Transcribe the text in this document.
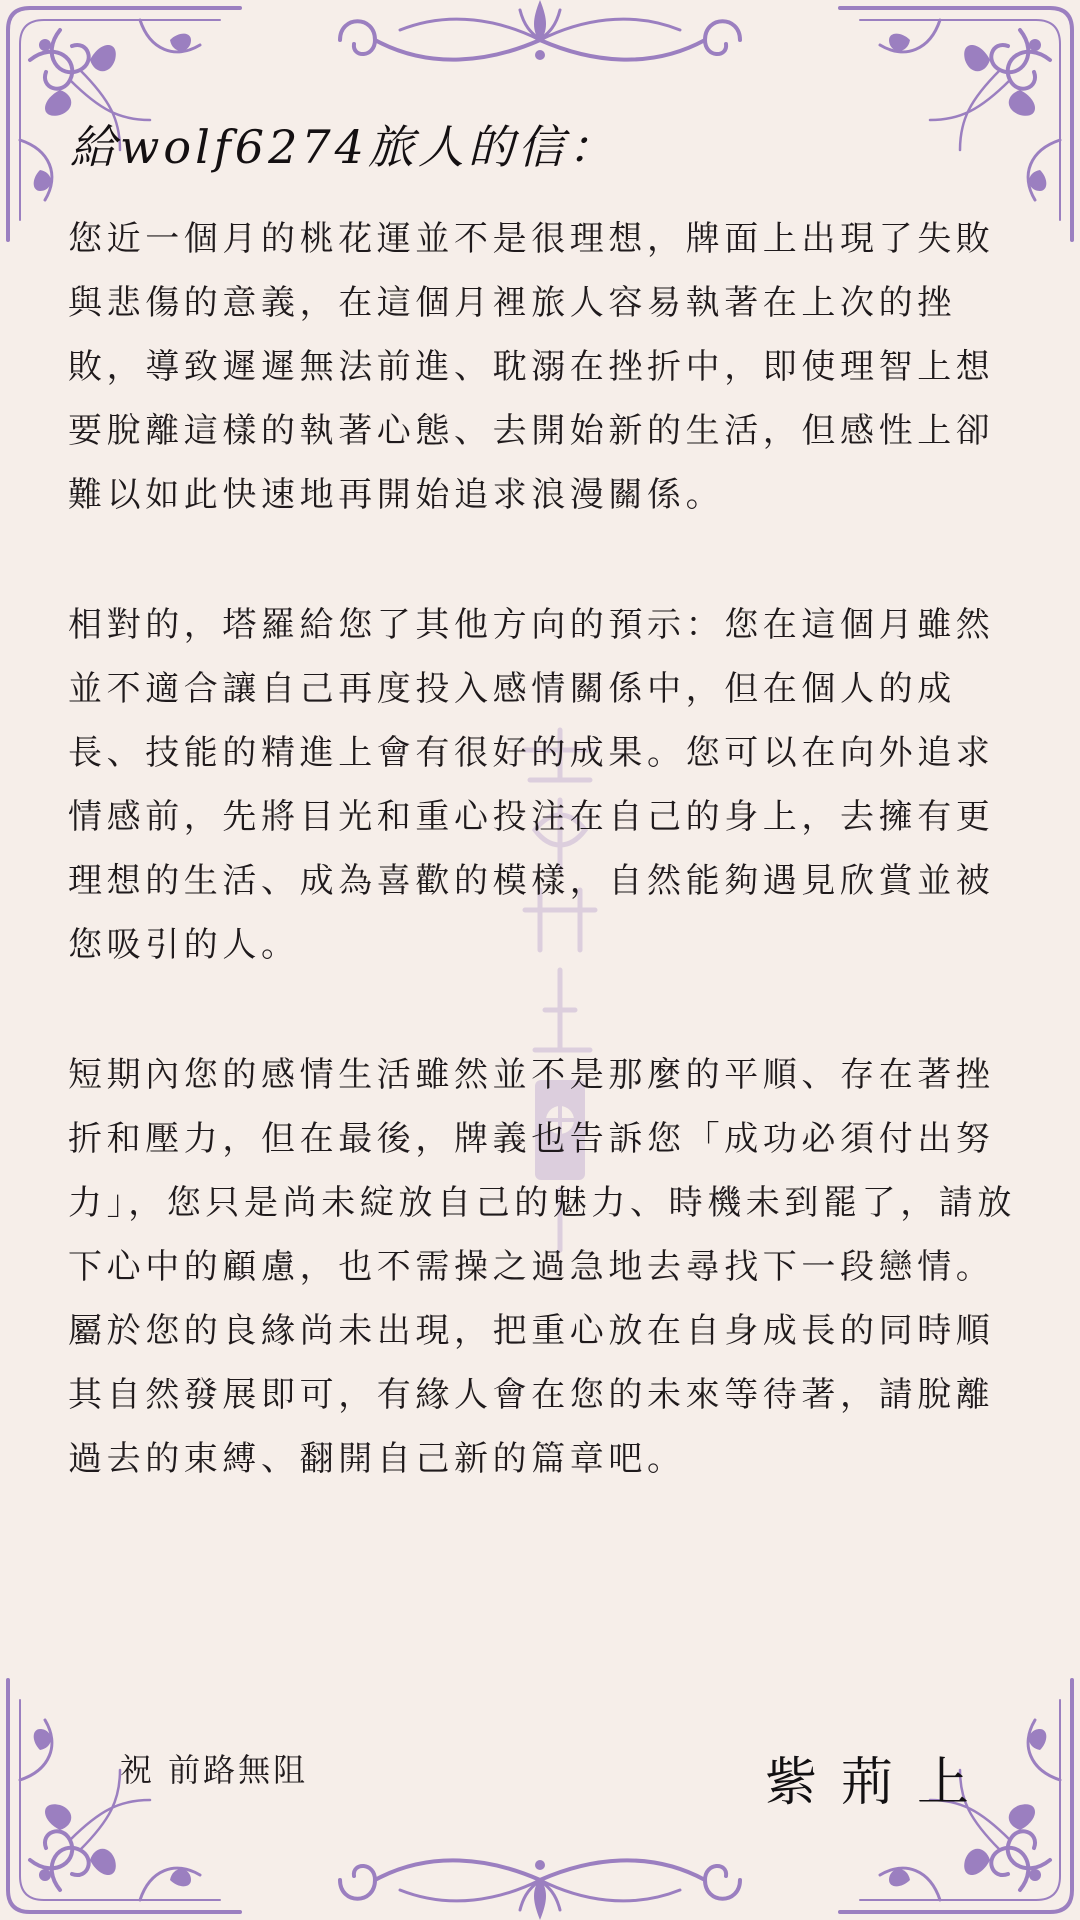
給wolf6274旅人的信：

您近一個月的桃花運並不是很理想，牌面上出現了失敗與悲傷的意義，在這個月裡旅人容易執著在上次的挫敗，導致遲遲無法前進、耽溺在挫折中，即使理智上想要脫離這樣的執著心態、去開始新的生活，但感性上卻難以如此快速地再開始追求浪漫關係。

相對的，塔羅給您了其他方向的預示：您在這個月雖然並不適合讓自己再度投入感情關係中，但在個人的成長、技能的精進上會有很好的成果。您可以在向外追求情感前，先將目光和重心投注在自己的身上，去擁有更理想的生活、成為喜歡的模樣，自然能夠遇見欣賞並被您吸引的人。

短期內您的感情生活雖然並不是那麼的平順、存在著挫折和壓力，但在最後，牌義也告訴您「成功必須付出努力」，您只是尚未綻放自己的魅力、時機未到罷了，請放下心中的顧慮，也不需操之過急地去尋找下一段戀情。

屬於您的良緣尚未出現，把重心放在自身成長的同時順其自然發展即可，有緣人會在您的未來等待著，請脫離過去的束縛、翻開自己新的篇章吧。

祝 前路無阻	紫荊上
